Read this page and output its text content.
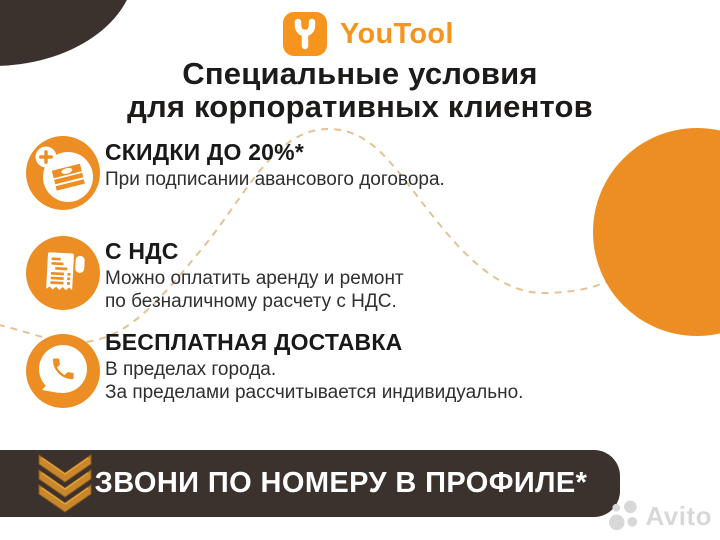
YouTool
Специальные условия
для корпоративных клиентов

СКИДКИ ДО 20%*

При подписании авансового договора.

С НДС

Можно оплатить аренду и ремонт

по безналичному расчету с НДС.

БЕСПЛАТНАЯ ДОСТАВКА

В пределах города.

За пределами рассчитывается индивидуально.

ЗВОНИ ПО НОМЕРУ В ПРОФИЛЕ*
Avito
